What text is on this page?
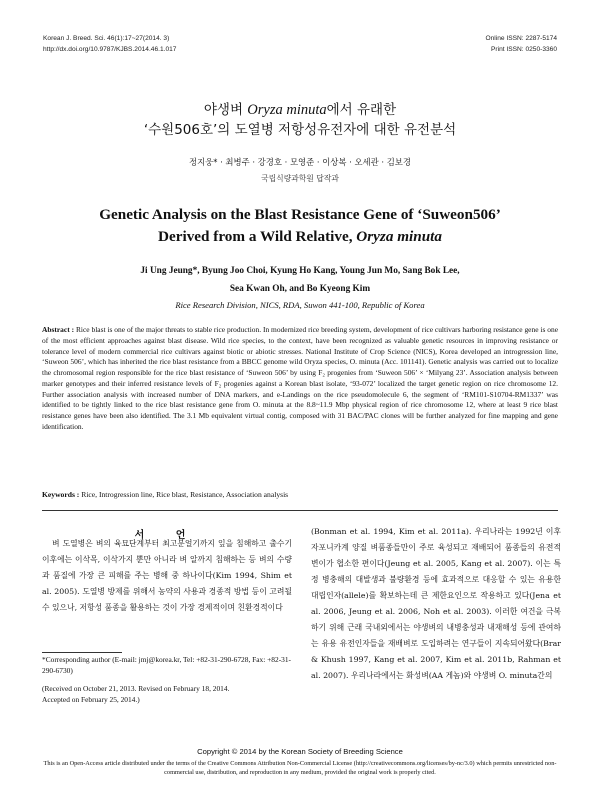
Korean J. Breed. Sci. 46(1):17~27(2014. 3)
http://dx.doi.org/10.9787/KJBS.2014.46.1.017
Online ISSN: 2287-5174
Print ISSN: 0250-3360
야생벼 Oryza minuta에서 유래한
‘수원506호’의 도열병 저항성유전자에 대한 유전분석
정지웅* · 최병주 · 강경호 · 모영준 · 이상복 · 오세관 · 김보경
국립식량과학원 답작과
Genetic Analysis on the Blast Resistance Gene of ‘Suweon506’
Derived from a Wild Relative, Oryza minuta
Ji Ung Jeung*, Byung Joo Choi, Kyung Ho Kang, Young Jun Mo, Sang Bok Lee,
Sea Kwan Oh, and Bo Kyeong Kim
Rice Research Division, NICS, RDA, Suwon 441-100, Republic of Korea
Abstract : Rice blast is one of the major threats to stable rice production. In modernized rice breeding system, development of rice cultivars harboring resistance gene is one of the most efficient approaches against blast disease. Wild rice species, to the context, have been recognized as valuable genetic resources in improving resistance or tolerance level of modern commercial rice cultivars against biotic or abiotic stresses. National Institute of Crop Science (NICS), Korea developed an introgression line, ‘Suweon 506’, which has inherited the rice blast resistance from a BBCC genome wild Oryza species, O. minuta (Acc. 101141). Genetic analysis was carried out to localize the chromosomal region responsible for the rice blast resistance of ‘Suweon 506’ by using F₂ progenies from ‘Suweon 506’ × ‘Milyang 23’. Association analysis between marker genotypes and their inferred resistance levels of F₂ progenies against a Korean blast isolate, ‘93-072’ localized the target genetic region on rice chromosome 12. Further association analysis with increased number of DNA markers, and e-Landings on the rice pseudomolecule 6, the segment of ‘RM101-S10704-RM1337’ was identified to be tightly linked to the rice blast resistance gene from O. minuta at the 8.8~11.9 Mbp physical region of rice chromosome 12, where at least 9 rice blast resistance genes have been also identified. The 3.1 Mb equivalent virtual contig, composed with 31 BAC/PAC clones will be further analyzed for fine mapping and gene identification.
Keywords : Rice, Introgression line, Rice blast, Resistance, Association analysis
서 언

벼 도열병은 벼의 육묘단계부터 최고분얼기까지 잎을 침해하고 출수기 이후에는 이삭목, 이삭가지 뿐만 아니라 벼 알까지 침해하는 등 벼의 수량과 품질에 가장 큰 피해를 주는 병해 중 하나이다(Kim 1994, Shim et al. 2005). 도열병 방제를 위해서 농약의 사용과 경종적 방법 등이 고려될 수 있으나, 저항성 품종을 활용하는 것이 가장 경제적이며 친환경적이다

(Bonman et al. 1994, Kim et al. 2011a). 우리나라는 1992년 이후 자포니카계 양질 벼품종들만이 주로 육성되고 재배되어 품종들의 유전적 변이가 협소한 편이다(Jeung et al. 2005, Kang et al. 2007). 이는 특정 병충해의 대발생과 불량환경 등에 효과적으로 대응할 수 있는 유용한 대립인자(allele)를 확보하는데 큰 제한요인으로 작용하고 있다(Jena et al. 2006, Jeung et al. 2006, Noh et al. 2003). 이러한 여건을 극복하기 위해 근래 국내외에서는 야생벼의 내병충성과 내재해성 등에 관여하는 유용 유전인자들을 재배벼로 도입하려는 연구들이 지속되어왔다(Brar & Khush 1997, Kang et al. 2007, Kim et al. 2011b, Rahman et al. 2007). 우리나라에서는 화성벼(AA 게놈)와 야생벼 O. minuta간의

*Corresponding author (E-mail: jmj@korea.kr, Tel: +82-31-290-6728, Fax: +82-31-290-6730)
(Received on October 21, 2013. Revised on February 18, 2014.
Accepted on February 25, 2014.)
Copyright © 2014 by the Korean Society of Breeding Science
This is an Open-Access article distributed under the terms of the Creative Commons Attribution Non-Commercial License (http://creativecommons.org/licenses/by-nc/3.0) which permits unrestricted non-commercial use, distribution, and reproduction in any medium, provided the original work is properly cited.
